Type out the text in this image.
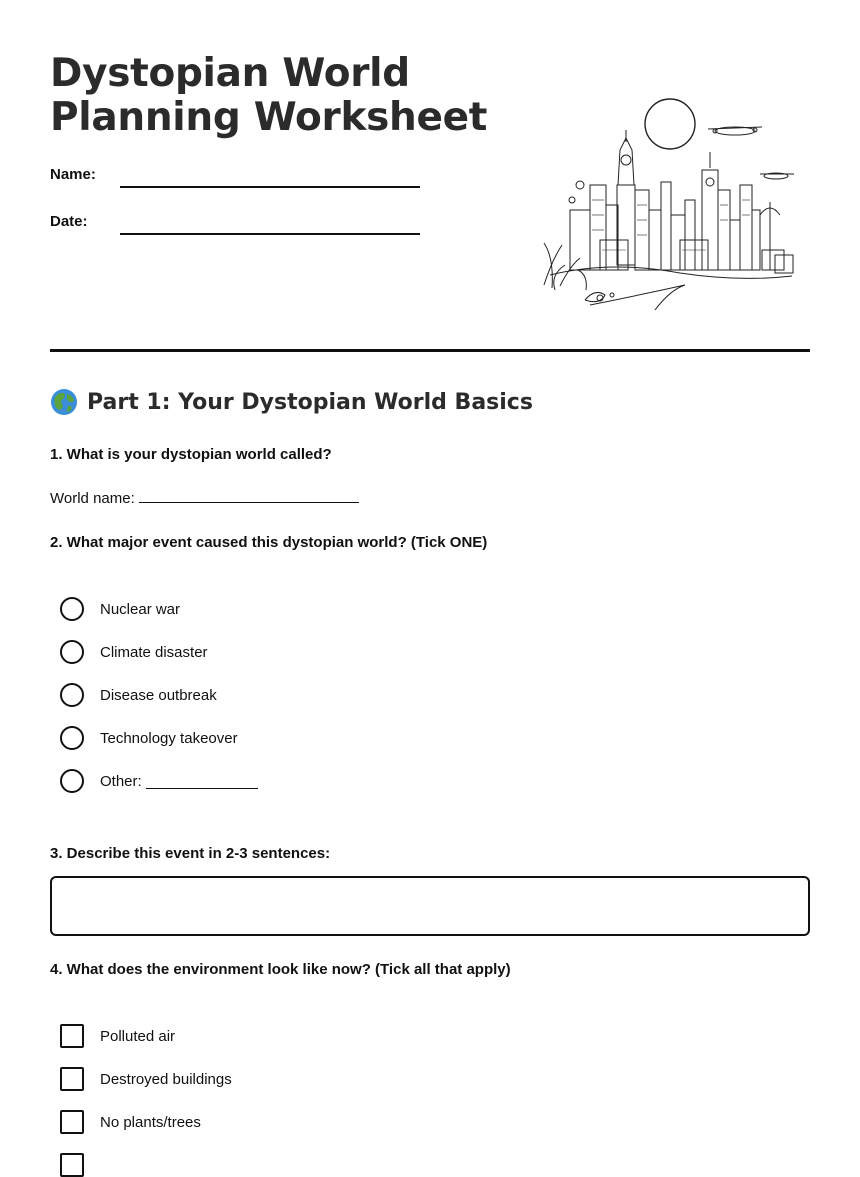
Dystopian World
Planning Worksheet
Name:
Date:
Part 1: Your Dystopian World Basics

1. What is your dystopian world called?

World name:

2. What major event caused this dystopian world? (Tick ONE)

Nuclear war
Climate disaster
Disease outbreak
Technology takeover
Other:

3. Describe this event in 2-3 sentences:

4. What does the environment look like now? (Tick all that apply)

Polluted air
Destroyed buildings
No plants/trees
